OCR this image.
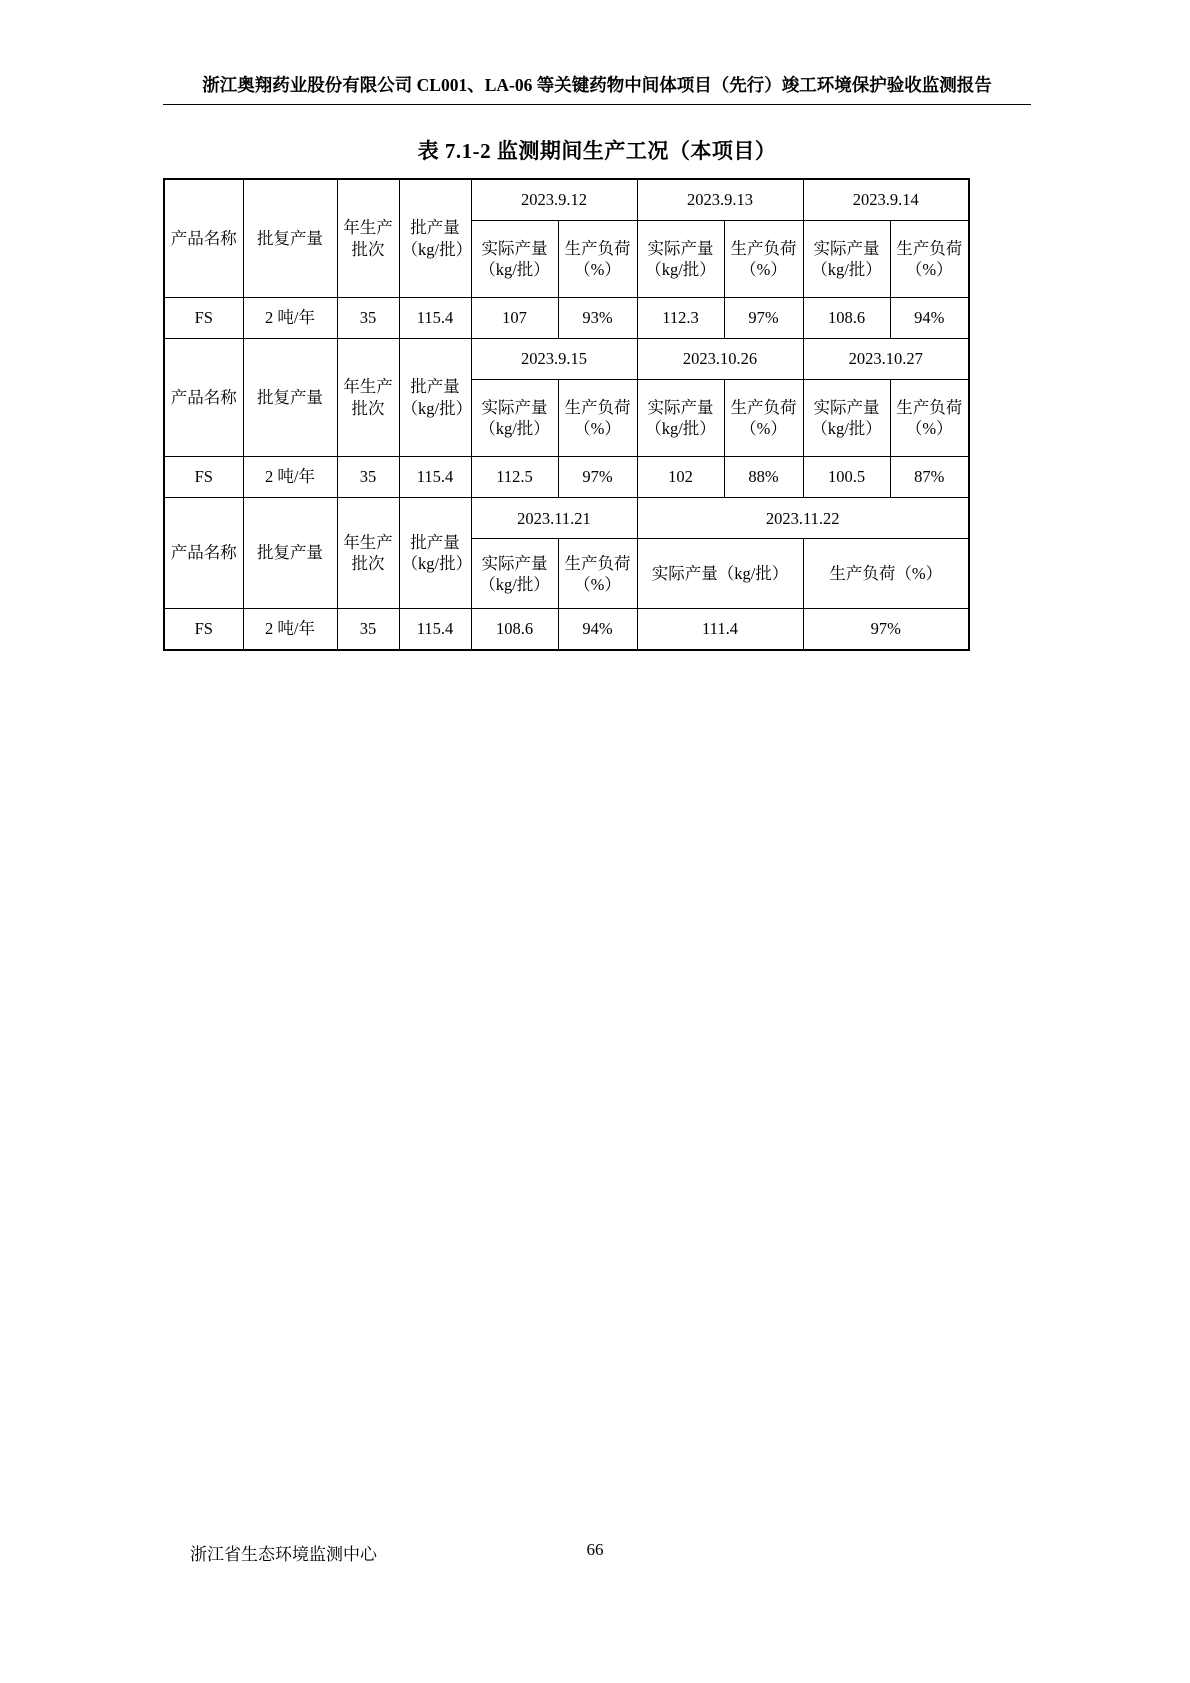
浙江奥翔药业股份有限公司 CL001、LA-06 等关键药物中间体项目（先行）竣工环境保护验收监测报告
表 7.1-2 监测期间生产工况（本项目）
产品名称	批复产量	年生产批次	批产量（kg/批）	2023.9.12		2023.9.13		2023.9.14	
				实际产量（kg/批）	生产负荷（%）	实际产量（kg/批）	生产负荷（%）	实际产量（kg/批）	生产负荷（%）
FS	2 吨/年	35	115.4	107	93%	112.3	97%	108.6	94%
产品名称	批复产量	年生产批次	批产量（kg/批）	2023.9.15		2023.10.26		2023.10.27	
				实际产量（kg/批）	生产负荷（%）	实际产量（kg/批）	生产负荷（%）	实际产量（kg/批）	生产负荷（%）
FS	2 吨/年	35	115.4	112.5	97%	102	88%	100.5	87%
产品名称	批复产量	年生产批次	批产量（kg/批）	2023.11.21		2023.11.22			
				实际产量（kg/批）	生产负荷（%）	实际产量（kg/批）		生产负荷（%）	
FS	2 吨/年	35	115.4	108.6	94%	111.4		97%	
浙江省生态环境监测中心	66
